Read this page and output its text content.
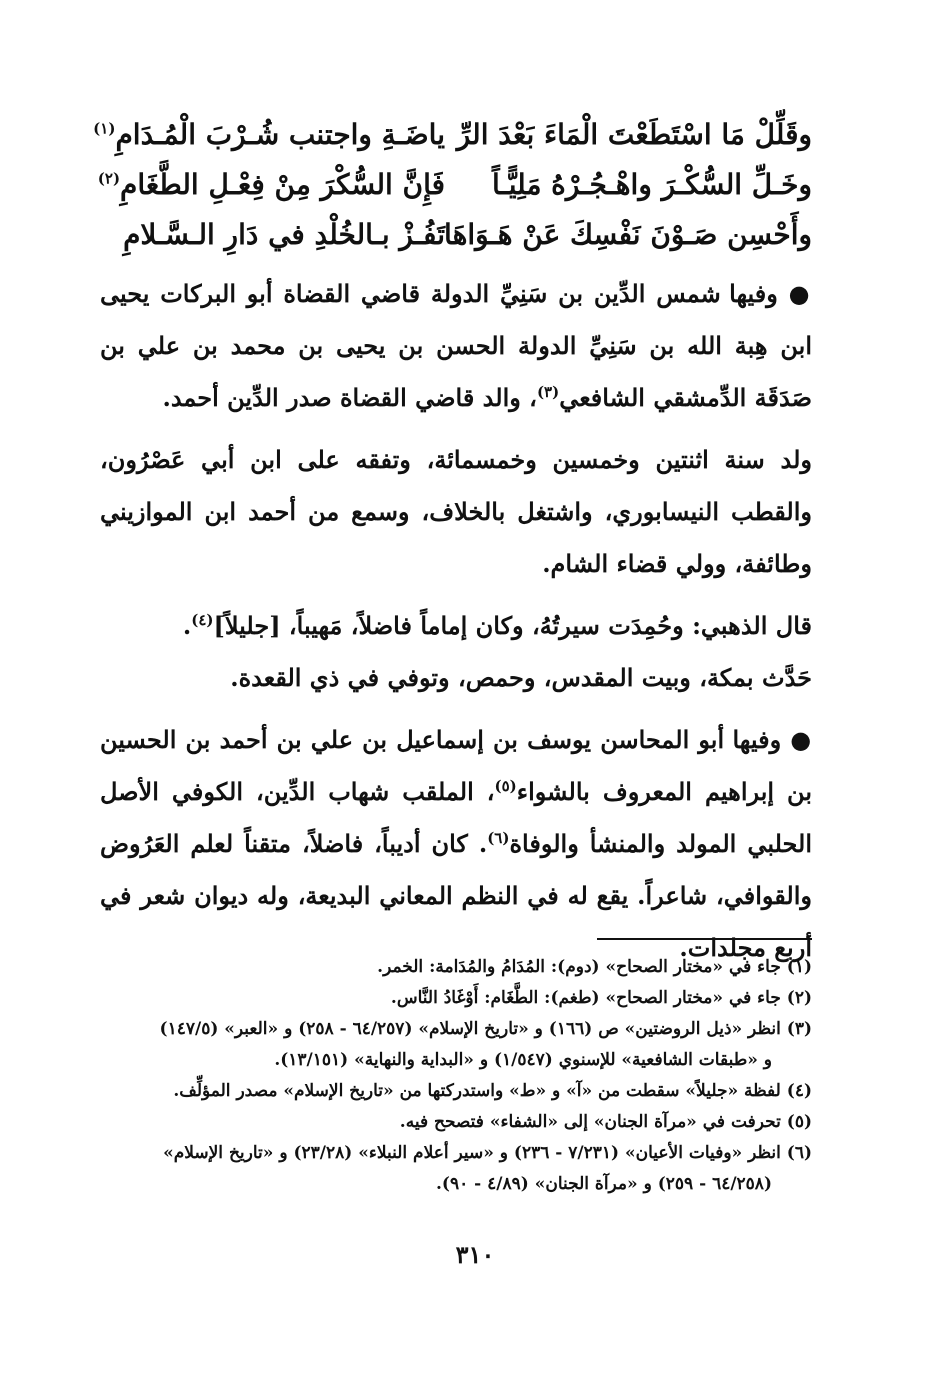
وقَلِّلْ مَا اسْتَطَعْتَ الْمَاءَ بَعْدَ الرِّ
ياضَـةِ واجتنب شُـرْبَ الْمُـدَامِ$^{(١)}$
وخَـلِّ السُّكْـرَ واهْـجُـرْهُ مَلِيًّـاً
فَإِنَّ السُّكْرَ مِنْ فِعْـلِ الطَّغَامِ$^{(٢)}$
وأَحْسِن صَـوْنَ نَفْسِكَ عَنْ هَـوَاهَا
تَفُـزْ بـالخُلْدِ في دَارِ الـسَّـلامِ

● وفيها شمس الدِّين بن سَنِيِّ الدولة قاضي القضاة أبو البركات يحيى ابن هِبة الله بن سَنِيِّ الدولة الحسن بن يحيى بن محمد بن علي بن صَدَقَة الدِّمشقي الشافعي$^{(٣)}$، والد قاضي القضاة صدر الدِّين أحمد.

ولد سنة اثنتين وخمسين وخمسمائة، وتفقه على ابن أبي عَصْرُون، والقطب النيسابوري، واشتغل بالخلاف، وسمع من أحمد ابن الموازيني وطائفة، وولي قضاء الشام.

قال الذهبي: وحُمِدَت سيرتُهُ، وكان إماماً فاضلاً، مَهيباً، [جليلاً]$^{(٤)}$.

حَدَّث بمكة، وبيت المقدس، وحمص، وتوفي في ذي القعدة.

● وفيها أبو المحاسن يوسف بن إسماعيل بن علي بن أحمد بن الحسين بن إبراهيم المعروف بالشواء$^{(٥)}$، الملقب شهاب الدِّين، الكوفي الأصل الحلبي المولد والمنشأ والوفاة$^{(٦)}$. كان أديباً، فاضلاً، متقناً لعلم العَرُوض والقوافي، شاعراً. يقع له في النظم المعاني البديعة، وله ديوان شعر في أربع مجلدات.

(١) جاء في «مختار الصحاح» (دوم): المُدَامُ والمُدَامة: الخمر.
(٢) جاء في «مختار الصحاح» (طغم): الطَّغَام: أَوْغَادُ النَّاس.
(٣) انظر «ذيل الروضتين» ص (١٦٦) و «تاريخ الإسلام» (٦٤/٢٥٧ - ٢٥٨) و «العبر» (١٤٧/٥)
و «طبقات الشافعية» للإسنوي (١/٥٤٧) و «البداية والنهاية» (١٣/١٥١).
(٤) لفظة «جليلاً» سقطت من «آ» و «ط» واستدركتها من «تاريخ الإسلام» مصدر المؤلِّف.
(٥) تحرفت في «مرآة الجنان» إلى «الشفاء» فتصحح فيه.
(٦) انظر «وفيات الأعيان» (٧/٢٣١ - ٢٣٦) و «سير أعلام النبلاء» (٢٣/٢٨) و «تاريخ الإسلام»
(٦٤/٢٥٨ - ٢٥٩) و «مرآة الجنان» (٤/٨٩ - ٩٠).
٣١٠
